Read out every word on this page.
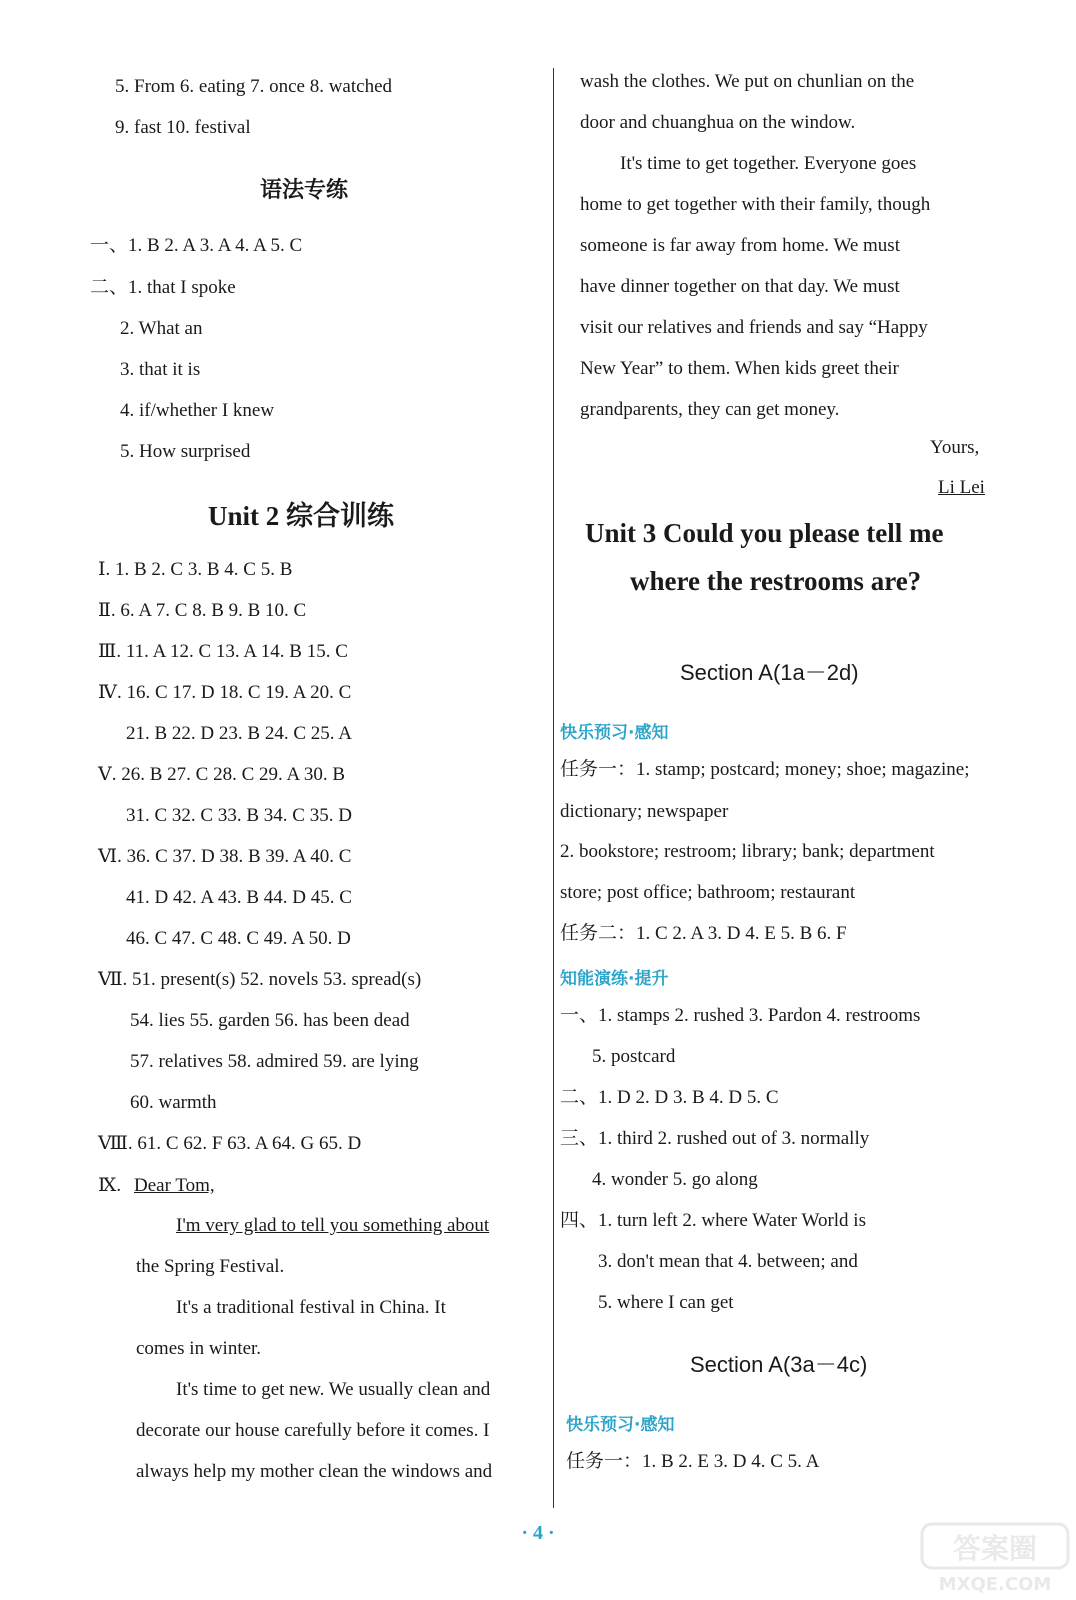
5. From 6. eating 7. once 8. watched
9. fast 10. festival
语法专练
一、1. B 2. A 3. A 4. A 5. C
二、1. that I spoke
2. What an
3. that it is
4. if/whether I knew
5. How surprised
Unit 2 综合训练
Ⅰ. 1. B 2. C 3. B 4. C 5. B
Ⅱ. 6. A 7. C 8. B 9. B 10. C
Ⅲ. 11. A 12. C 13. A 14. B 15. C
Ⅳ. 16. C 17. D 18. C 19. A 20. C
21. B 22. D 23. B 24. C 25. A
Ⅴ. 26. B 27. C 28. C 29. A 30. B
31. C 32. C 33. B 34. C 35. D
Ⅵ. 36. C 37. D 38. B 39. A 40. C
41. D 42. A 43. B 44. D 45. C
46. C 47. C 48. C 49. A 50. D
Ⅶ. 51. present(s) 52. novels 53. spread(s)
54. lies 55. garden 56. has been dead
57. relatives 58. admired 59. are lying
60. warmth
Ⅷ. 61. C 62. F 63. A 64. G 65. D
Ⅸ. Dear Tom,
I'm very glad to tell you something about
the Spring Festival.
It's a traditional festival in China. It
comes in winter.
It's time to get new. We usually clean and
decorate our house carefully before it comes. I
always help my mother clean the windows and
wash the clothes. We put on chunlian on the
door and chuanghua on the window.
It's time to get together. Everyone goes
home to get together with their family, though
someone is far away from home. We must
have dinner together on that day. We must
visit our relatives and friends and say “Happy
New Year” to them. When kids greet their
grandparents, they can get money.
Yours,
Li Lei
Unit 3 Could you please tell me
where the restrooms are?
Section A(1a－2d)
快乐预习·感知
任务一：1. stamp; postcard; money; shoe; magazine;
dictionary; newspaper
2. bookstore; restroom; library; bank; department
store; post office; bathroom; restaurant
任务二：1. C 2. A 3. D 4. E 5. B 6. F
知能演练·提升
一、1. stamps 2. rushed 3. Pardon 4. restrooms
5. postcard
二、1. D 2. D 3. B 4. D 5. C
三、1. third 2. rushed out of 3. normally
4. wonder 5. go along
四、1. turn left 2. where Water World is
3. don't mean that 4. between; and
5. where I can get
Section A(3a－4c)
快乐预习·感知
任务一：1. B 2. E 3. D 4. C 5. A
· 4 ·	答案圈
MXQE.COM
